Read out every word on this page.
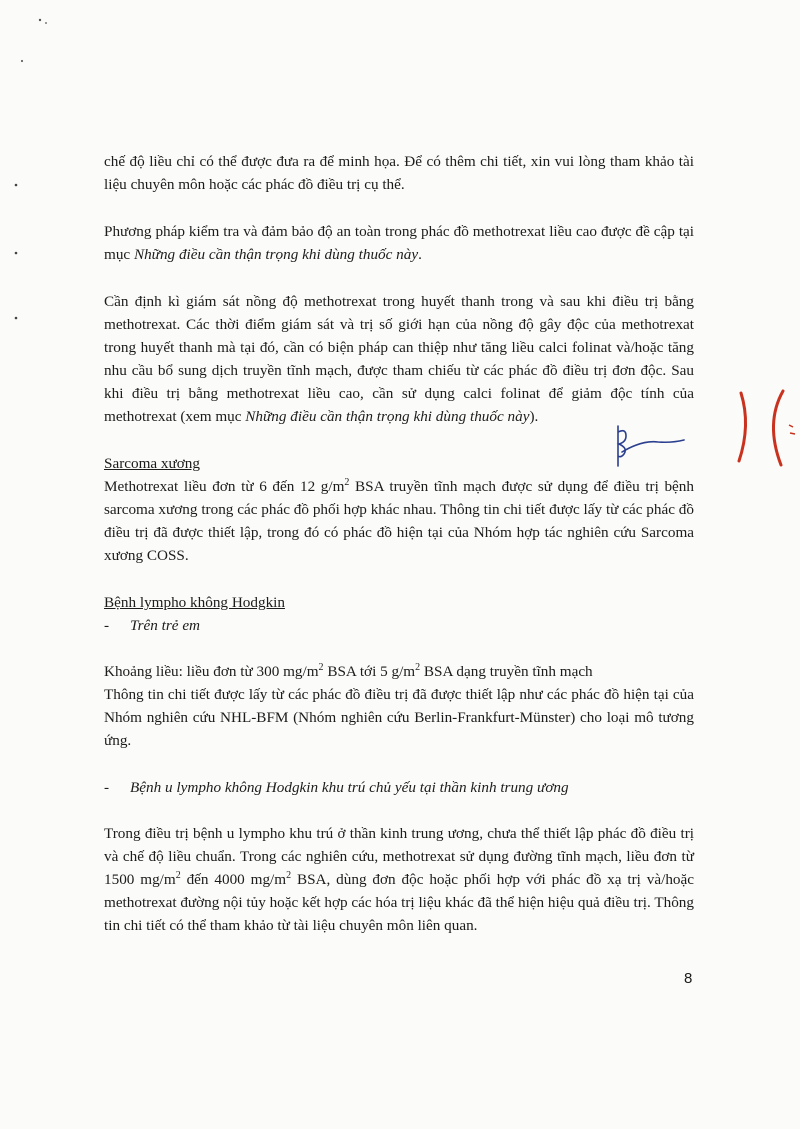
chế độ liều chỉ có thể được đưa ra để minh họa. Để có thêm chi tiết, xin vui lòng tham khảo tài liệu chuyên môn hoặc các phác đồ điều trị cụ thể.

Phương pháp kiểm tra và đảm bảo độ an toàn trong phác đồ methotrexat liều cao được đề cập tại mục Những điều cần thận trọng khi dùng thuốc này.

Cần định kì giám sát nồng độ methotrexat trong huyết thanh trong và sau khi điều trị bằng methotrexat. Các thời điểm giám sát và trị số giới hạn của nồng độ gây độc của methotrexat trong huyết thanh mà tại đó, cần có biện pháp can thiệp như tăng liều calci folinat và/hoặc tăng nhu cầu bổ sung dịch truyền tĩnh mạch, được tham chiếu từ các phác đồ điều trị đơn độc. Sau khi điều trị bằng methotrexat liều cao, cần sử dụng calci folinat để giảm độc tính của methotrexat (xem mục Những điều cần thận trọng khi dùng thuốc này).

Sarcoma xương

Methotrexat liều đơn từ 6 đến 12 $g/m^2$ BSA truyền tĩnh mạch được sử dụng để điều trị bệnh sarcoma xương trong các phác đồ phối hợp khác nhau. Thông tin chi tiết được lấy từ các phác đồ điều trị đã được thiết lập, trong đó có phác đồ hiện tại của Nhóm hợp tác nghiên cứu Sarcoma xương COSS.

Bệnh lympho không Hodgkin

-	Trên trẻ em

Khoảng liều: liều đơn từ 300 $mg/m^2$ BSA tới 5 $g/m^2$ BSA dạng truyền tĩnh mạch

Thông tin chi tiết được lấy từ các phác đồ điều trị đã được thiết lập như các phác đồ hiện tại của Nhóm nghiên cứu NHL-BFM (Nhóm nghiên cứu Berlin-Frankfurt-Münster) cho loại mô tương ứng.

-	Bệnh u lympho không Hodgkin khu trú chủ yếu tại thần kinh trung ương

Trong điều trị bệnh u lympho khu trú ở thần kinh trung ương, chưa thể thiết lập phác đồ điều trị và chế độ liều chuẩn. Trong các nghiên cứu, methotrexat sử dụng đường tĩnh mạch, liều đơn từ 1500 $mg/m^2$ đến 4000 $mg/m^2$ BSA, dùng đơn độc hoặc phối hợp với phác đồ xạ trị và/hoặc methotrexat đường nội tủy hoặc kết hợp các hóa trị liệu khác đã thể hiện hiệu quả điều trị. Thông tin chi tiết có thể tham khảo từ tài liệu chuyên môn liên quan.

8
